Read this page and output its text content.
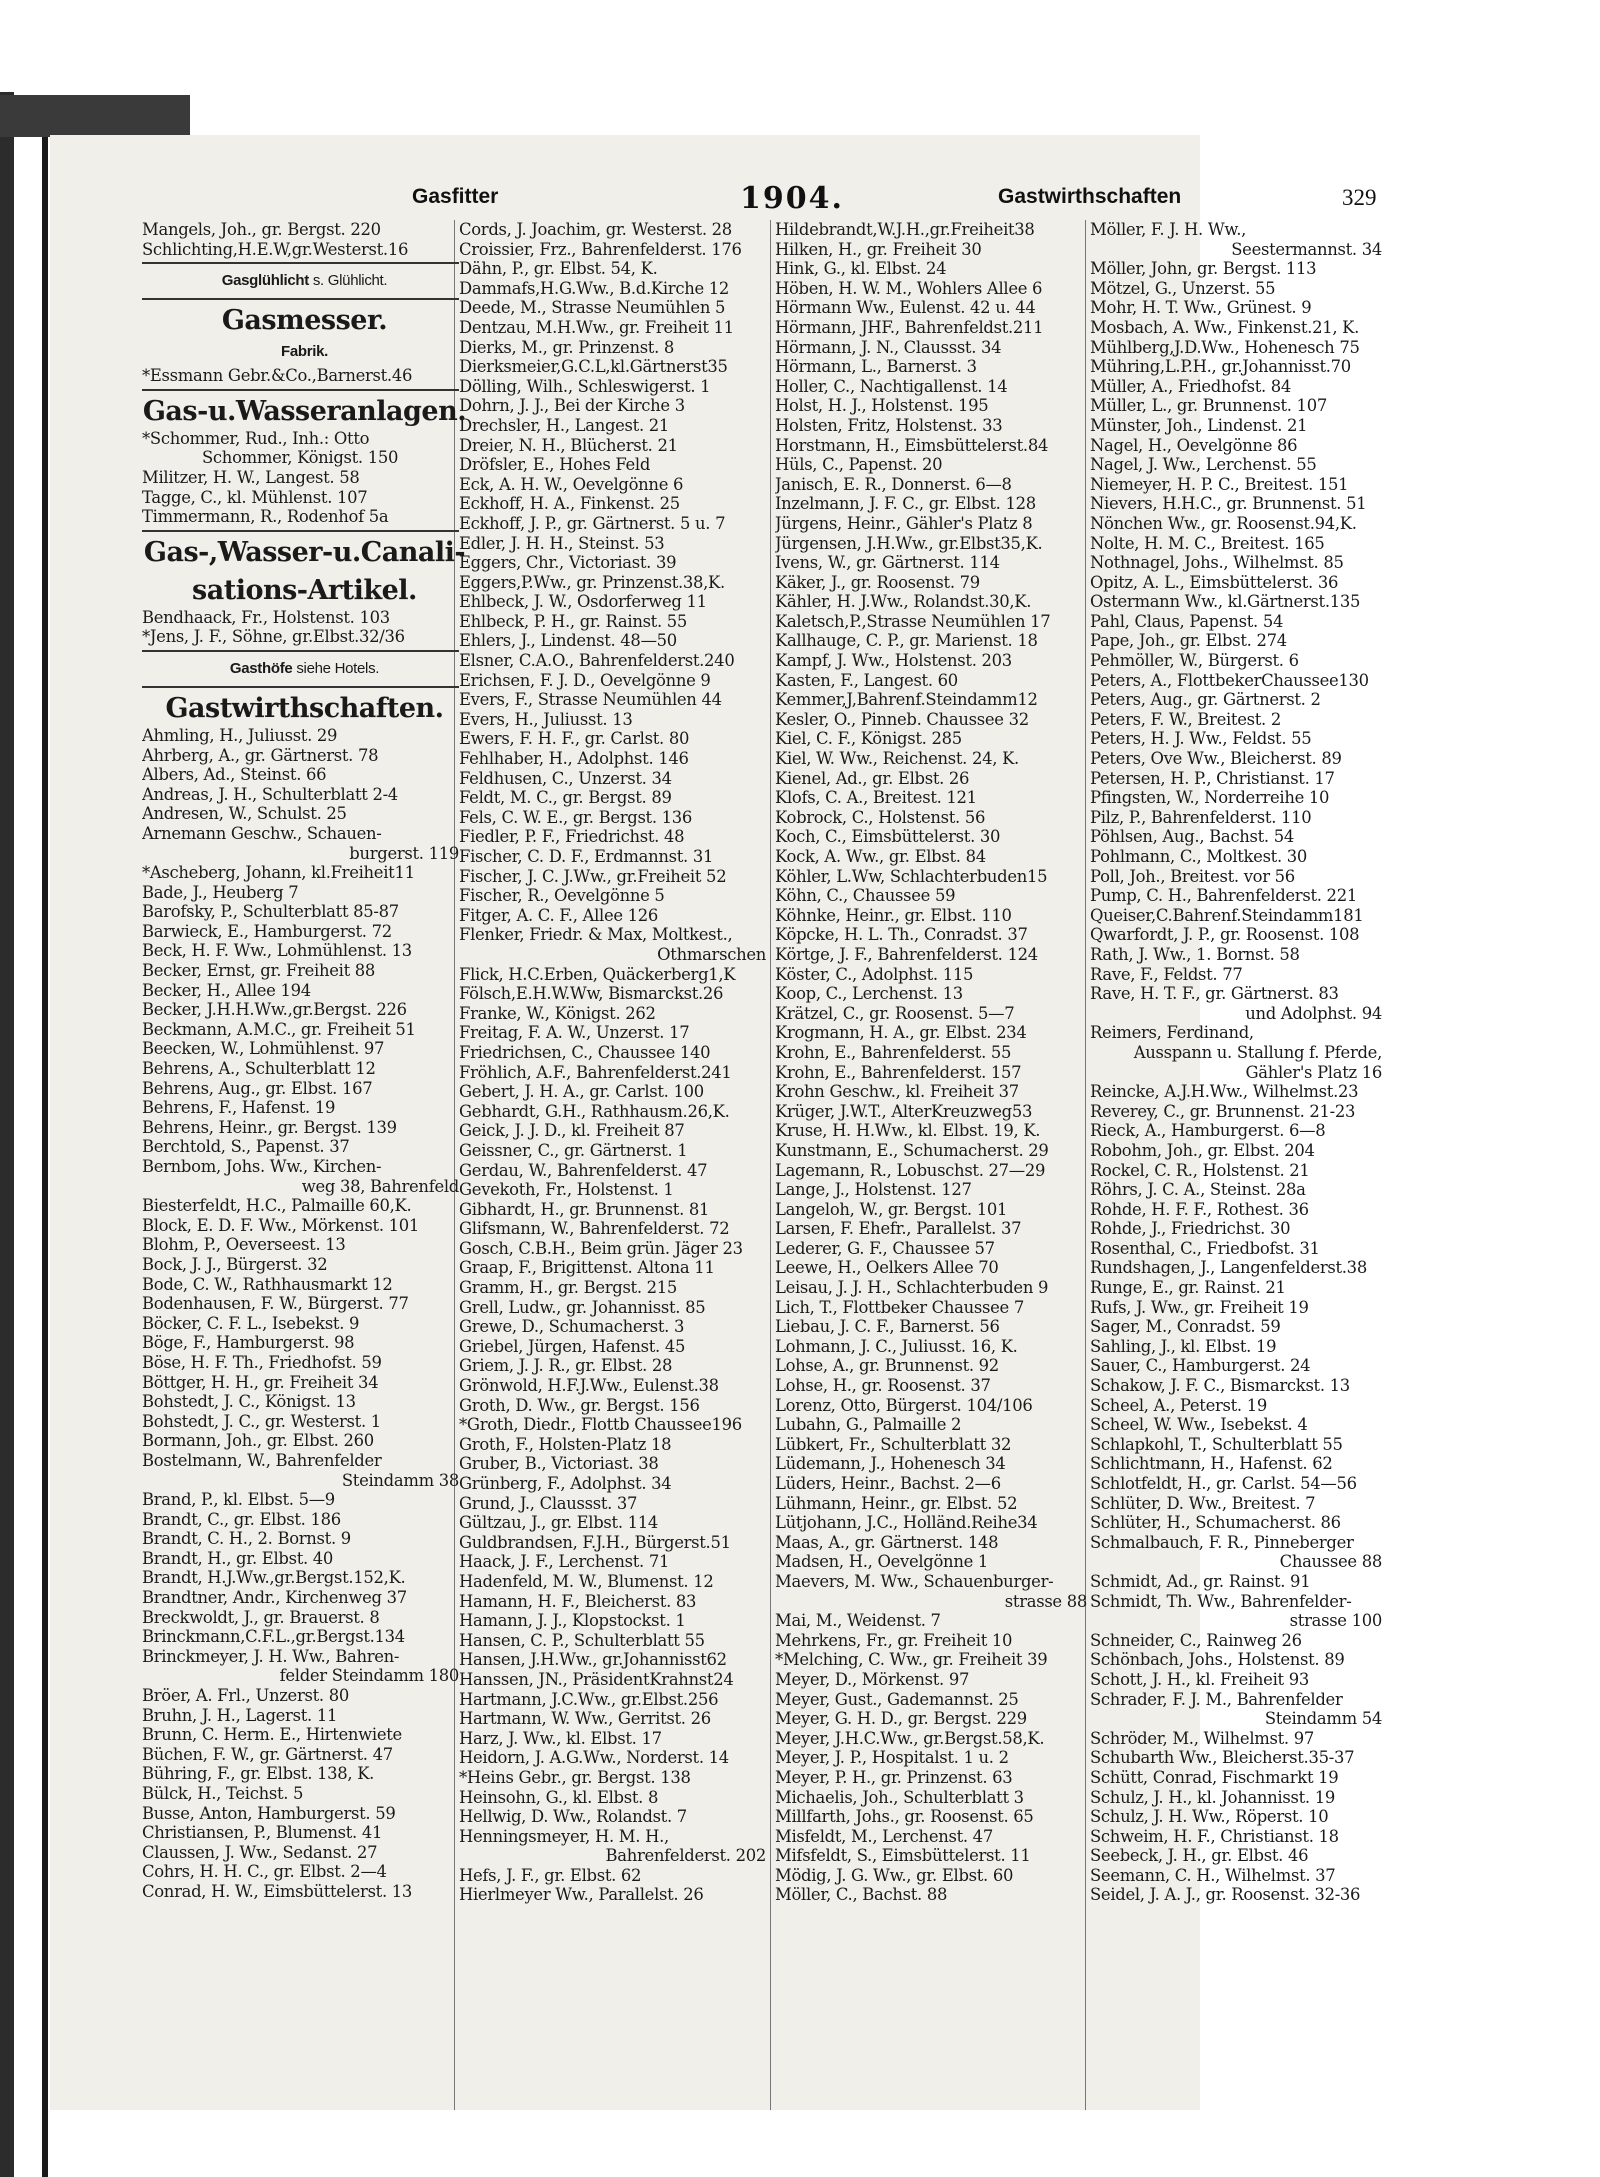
Gasfitter	1904.	Gastwirthschaften	329
Mangels, Joh., gr. Bergst. 220
Schlichting,H.E.W,gr.Westerst.16
Gasglühlicht s. Glühlicht.
Gasmesser.
Fabrik.
*Essmann Gebr.&Co.,Barnerst.46
Gas-u.Wasseranlagen.
*Schommer, Rud., Inh.: Otto
Schommer, Königst. 150
Militzer, H. W., Langest. 58
Tagge, C., kl. Mühlenst. 107
Timmermann, R., Rodenhof 5a
Gas-,Wasser-u.Canali-
sations-Artikel.
Bendhaack, Fr., Holstenst. 103
*Jens, J. F., Söhne, gr.Elbst.32/36
Gasthöfe siehe Hotels.
Gastwirthschaften.
Ahmling, H., Juliusst. 29
Ahrberg, A., gr. Gärtnerst. 78
Albers, Ad., Steinst. 66
Andreas, J. H., Schulterblatt 2-4
Andresen, W., Schulst. 25
Arnemann Geschw., Schauen-
burgerst. 119
*Ascheberg, Johann, kl.Freiheit11
Bade, J., Heuberg 7
Barofsky, P., Schulterblatt 85-87
Barwieck, E., Hamburgerst. 72
Beck, H. F. Ww., Lohmühlenst. 13
Becker, Ernst, gr. Freiheit 88
Becker, H., Allee 194
Becker, J.H.H.Ww.,gr.Bergst. 226
Beckmann, A.M.C., gr. Freiheit 51
Beecken, W., Lohmühlenst. 97
Behrens, A., Schulterblatt 12
Behrens, Aug., gr. Elbst. 167
Behrens, F., Hafenst. 19
Behrens, Heinr., gr. Bergst. 139
Berchtold, S., Papenst. 37
Bernbom, Johs. Ww., Kirchen-
weg 38, Bahrenfeld
Biesterfeldt, H.C., Palmaille 60,K.
Block, E. D. F. Ww., Mörkenst. 101
Blohm, P., Oeverseest. 13
Bock, J. J., Bürgerst. 32
Bode, C. W., Rathhausmarkt 12
Bodenhausen, F. W., Bürgerst. 77
Böcker, C. F. L., Isebekst. 9
Böge, F., Hamburgerst. 98
Böse, H. F. Th., Friedhofst. 59
Böttger, H. H., gr. Freiheit 34
Bohstedt, J. C., Königst. 13
Bohstedt, J. C., gr. Westerst. 1
Bormann, Joh., gr. Elbst. 260
Bostelmann, W., Bahrenfelder
Steindamm 38
Brand, P., kl. Elbst. 5—9
Brandt, C., gr. Elbst. 186
Brandt, C. H., 2. Bornst. 9
Brandt, H., gr. Elbst. 40
Brandt, H.J.Ww.,gr.Bergst.152,K.
Brandtner, Andr., Kirchenweg 37
Breckwoldt, J., gr. Brauerst. 8
Brinckmann,C.F.L.,gr.Bergst.134
Brinckmeyer, J. H. Ww., Bahren-
felder Steindamm 180
Bröer, A. Frl., Unzerst. 80
Bruhn, J. H., Lagerst. 11
Brunn, C. Herm. E., Hirtenwiete
Büchen, F. W., gr. Gärtnerst. 47
Bühring, F., gr. Elbst. 138, K.
Bülck, H., Teichst. 5
Busse, Anton, Hamburgerst. 59
Christiansen, P., Blumenst. 41
Claussen, J. Ww., Sedanst. 27
Cohrs, H. H. C., gr. Elbst. 2—4
Conrad, H. W., Eimsbüttelerst. 13
Cords, J. Joachim, gr. Westerst. 28
Croissier, Frz., Bahrenfelderst. 176
Dähn, P., gr. Elbst. 54, K.
Dammafs,H.G.Ww., B.d.Kirche 12
Deede, M., Strasse Neumühlen 5
Dentzau, M.H.Ww., gr. Freiheit 11
Dierks, M., gr. Prinzenst. 8
Dierksmeier,G.C.L,kl.Gärtnerst35
Dölling, Wilh., Schleswigerst. 1
Dohrn, J. J., Bei der Kirche 3
Drechsler, H., Langest. 21
Dreier, N. H., Blücherst. 21
Dröfsler, E., Hohes Feld
Eck, A. H. W., Oevelgönne 6
Eckhoff, H. A., Finkenst. 25
Eckhoff, J. P., gr. Gärtnerst. 5 u. 7
Edler, J. H. H., Steinst. 53
Eggers, Chr., Victoriast. 39
Eggers,P.Ww., gr. Prinzenst.38,K.
Ehlbeck, J. W., Osdorferweg 11
Ehlbeck, P. H., gr. Rainst. 55
Ehlers, J., Lindenst. 48—50
Elsner, C.A.O., Bahrenfelderst.240
Erichsen, F. J. D., Oevelgönne 9
Evers, F., Strasse Neumühlen 44
Evers, H., Juliusst. 13
Ewers, F. H. F., gr. Carlst. 80
Fehlhaber, H., Adolphst. 146
Feldhusen, C., Unzerst. 34
Feldt, M. C., gr. Bergst. 89
Fels, C. W. E., gr. Bergst. 136
Fiedler, P. F., Friedrichst. 48
Fischer, C. D. F., Erdmannst. 31
Fischer, J. C. J.Ww., gr.Freiheit 52
Fischer, R., Oevelgönne 5
Fitger, A. C. F., Allee 126
Flenker, Friedr. & Max, Moltkest.,
Othmarschen
Flick, H.C.Erben, Quäckerberg1,K
Fölsch,E.H.W.Ww, Bismarckst.26
Franke, W., Königst. 262
Freitag, F. A. W., Unzerst. 17
Friedrichsen, C., Chaussee 140
Fröhlich, A.F., Bahrenfelderst.241
Gebert, J. H. A., gr. Carlst. 100
Gebhardt, G.H., Rathhausm.26,K.
Geick, J. J. D., kl. Freiheit 87
Geissner, C., gr. Gärtnerst. 1
Gerdau, W., Bahrenfelderst. 47
Gevekoth, Fr., Holstenst. 1
Gibhardt, H., gr. Brunnenst. 81
Glifsmann, W., Bahrenfelderst. 72
Gosch, C.B.H., Beim grün. Jäger 23
Graap, F., Brigittenst. Altona 11
Gramm, H., gr. Bergst. 215
Grell, Ludw., gr. Johannisst. 85
Grewe, D., Schumacherst. 3
Griebel, Jürgen, Hafenst. 45
Griem, J. J. R., gr. Elbst. 28
Grönwold, H.F.J.Ww., Eulenst.38
Groth, D. Ww., gr. Bergst. 156
*Groth, Diedr., Flottb Chaussee196
Groth, F., Holsten-Platz 18
Gruber, B., Victoriast. 38
Grünberg, F., Adolphst. 34
Grund, J., Claussst. 37
Gültzau, J., gr. Elbst. 114
Guldbrandsen, F.J.H., Bürgerst.51
Haack, J. F., Lerchenst. 71
Hadenfeld, M. W., Blumenst. 12
Hamann, H. F., Bleicherst. 83
Hamann, J. J., Klopstockst. 1
Hansen, C. P., Schulterblatt 55
Hansen, J.H.Ww., gr.Johannisst62
Hanssen, JN., PräsidentKrahnst24
Hartmann, J.C.Ww., gr.Elbst.256
Hartmann, W. Ww., Gerritst. 26
Harz, J. Ww., kl. Elbst. 17
Heidorn, J. A.G.Ww., Norderst. 14
*Heins Gebr., gr. Bergst. 138
Heinsohn, G., kl. Elbst. 8
Hellwig, D. Ww., Rolandst. 7
Henningsmeyer, H. M. H.,
Bahrenfelderst. 202
Hefs, J. F., gr. Elbst. 62
Hierlmeyer Ww., Parallelst. 26
Hildebrandt,W.J.H.,gr.Freiheit38
Hilken, H., gr. Freiheit 30
Hink, G., kl. Elbst. 24
Höben, H. W. M., Wohlers Allee 6
Hörmann Ww., Eulenst. 42 u. 44
Hörmann, JHF., Bahrenfeldst.211
Hörmann, J. N., Claussst. 34
Hörmann, L., Barnerst. 3
Holler, C., Nachtigallenst. 14
Holst, H. J., Holstenst. 195
Holsten, Fritz, Holstenst. 33
Horstmann, H., Eimsbüttelerst.84
Hüls, C., Papenst. 20
Janisch, E. R., Donnerst. 6—8
Inzelmann, J. F. C., gr. Elbst. 128
Jürgens, Heinr., Gähler's Platz 8
Jürgensen, J.H.Ww., gr.Elbst35,K.
Ivens, W., gr. Gärtnerst. 114
Käker, J., gr. Roosenst. 79
Kähler, H. J.Ww., Rolandst.30,K.
Kaletsch,P.,Strasse Neumühlen 17
Kallhauge, C. P., gr. Marienst. 18
Kampf, J. Ww., Holstenst. 203
Kasten, F., Langest. 60
Kemmer,J,Bahrenf.Steindamm12
Kesler, O., Pinneb. Chaussee 32
Kiel, C. F., Königst. 285
Kiel, W. Ww., Reichenst. 24, K.
Kienel, Ad., gr. Elbst. 26
Klofs, C. A., Breitest. 121
Kobrock, C., Holstenst. 56
Koch, C., Eimsbüttelerst. 30
Kock, A. Ww., gr. Elbst. 84
Köhler, L.Ww, Schlachterbuden15
Köhn, C., Chaussee 59
Köhnke, Heinr., gr. Elbst. 110
Köpcke, H. L. Th., Conradst. 37
Körtge, J. F., Bahrenfelderst. 124
Köster, C., Adolphst. 115
Koop, C., Lerchenst. 13
Krätzel, C., gr. Roosenst. 5—7
Krogmann, H. A., gr. Elbst. 234
Krohn, E., Bahrenfelderst. 55
Krohn, E., Bahrenfelderst. 157
Krohn Geschw., kl. Freiheit 37
Krüger, J.W.T., AlterKreuzweg53
Kruse, H. H.Ww., kl. Elbst. 19, K.
Kunstmann, E., Schumacherst. 29
Lagemann, R., Lobuschst. 27—29
Lange, J., Holstenst. 127
Langeloh, W., gr. Bergst. 101
Larsen, F. Ehefr., Parallelst. 37
Lederer, G. F., Chaussee 57
Leewe, H., Oelkers Allee 70
Leisau, J. J. H., Schlachterbuden 9
Lich, T., Flottbeker Chaussee 7
Liebau, J. C. F., Barnerst. 56
Lohmann, J. C., Juliusst. 16, K.
Lohse, A., gr. Brunnenst. 92
Lohse, H., gr. Roosenst. 37
Lorenz, Otto, Bürgerst. 104/106
Lubahn, G., Palmaille 2
Lübkert, Fr., Schulterblatt 32
Lüdemann, J., Hohenesch 34
Lüders, Heinr., Bachst. 2—6
Lühmann, Heinr., gr. Elbst. 52
Lütjohann, J.C., Holländ.Reihe34
Maas, A., gr. Gärtnerst. 148
Madsen, H., Oevelgönne 1
Maevers, M. Ww., Schauenburger-
strasse 88
Mai, M., Weidenst. 7
Mehrkens, Fr., gr. Freiheit 10
*Melching, C. Ww., gr. Freiheit 39
Meyer, D., Mörkenst. 97
Meyer, Gust., Gademannst. 25
Meyer, G. H. D., gr. Bergst. 229
Meyer, J.H.C.Ww., gr.Bergst.58,K.
Meyer, J. P., Hospitalst. 1 u. 2
Meyer, P. H., gr. Prinzenst. 63
Michaelis, Joh., Schulterblatt 3
Millfarth, Johs., gr. Roosenst. 65
Misfeldt, M., Lerchenst. 47
Mifsfeldt, S., Eimsbüttelerst. 11
Mödig, J. G. Ww., gr. Elbst. 60
Möller, C., Bachst. 88
Möller, F. J. H. Ww.,
Seestermannst. 34
Möller, John, gr. Bergst. 113
Mötzel, G., Unzerst. 55
Mohr, H. T. Ww., Grünest. 9
Mosbach, A. Ww., Finkenst.21, K.
Mühlberg,J.D.Ww., Hohenesch 75
Mühring,L.P.H., gr.Johannisst.70
Müller, A., Friedhofst. 84
Müller, L., gr. Brunnenst. 107
Münster, Joh., Lindenst. 21
Nagel, H., Oevelgönne 86
Nagel, J. Ww., Lerchenst. 55
Niemeyer, H. P. C., Breitest. 151
Nievers, H.H.C., gr. Brunnenst. 51
Nönchen Ww., gr. Roosenst.94,K.
Nolte, H. M. C., Breitest. 165
Nothnagel, Johs., Wilhelmst. 85
Opitz, A. L., Eimsbüttelerst. 36
Ostermann Ww., kl.Gärtnerst.135
Pahl, Claus, Papenst. 54
Pape, Joh., gr. Elbst. 274
Pehmöller, W., Bürgerst. 6
Peters, A., FlottbekerChaussee130
Peters, Aug., gr. Gärtnerst. 2
Peters, F. W., Breitest. 2
Peters, H. J. Ww., Feldst. 55
Peters, Ove Ww., Bleicherst. 89
Petersen, H. P., Christianst. 17
Pfingsten, W., Norderreihe 10
Pilz, P., Bahrenfelderst. 110
Pöhlsen, Aug., Bachst. 54
Pohlmann, C., Moltkest. 30
Poll, Joh., Breitest. vor 56
Pump, C. H., Bahrenfelderst. 221
Queiser,C.Bahrenf.Steindamm181
Qwarfordt, J. P., gr. Roosenst. 108
Rath, J. Ww., 1. Bornst. 58
Rave, F., Feldst. 77
Rave, H. T. F., gr. Gärtnerst. 83
und Adolphst. 94
Reimers, Ferdinand,
Ausspann u. Stallung f. Pferde,
Gähler's Platz 16
Reincke, A.J.H.Ww., Wilhelmst.23
Reverey, C., gr. Brunnenst. 21-23
Rieck, A., Hamburgerst. 6—8
Robohm, Joh., gr. Elbst. 204
Rockel, C. R., Holstenst. 21
Röhrs, J. C. A., Steinst. 28a
Rohde, H. F. F., Rothest. 36
Rohde, J., Friedrichst. 30
Rosenthal, C., Friedbofst. 31
Rundshagen, J., Langenfelderst.38
Runge, E., gr. Rainst. 21
Rufs, J. Ww., gr. Freiheit 19
Sager, M., Conradst. 59
Sahling, J., kl. Elbst. 19
Sauer, C., Hamburgerst. 24
Schakow, J. F. C., Bismarckst. 13
Scheel, A., Peterst. 19
Scheel, W. Ww., Isebekst. 4
Schlapkohl, T., Schulterblatt 55
Schlichtmann, H., Hafenst. 62
Schlotfeldt, H., gr. Carlst. 54—56
Schlüter, D. Ww., Breitest. 7
Schlüter, H., Schumacherst. 86
Schmalbauch, F. R., Pinneberger
Chaussee 88
Schmidt, Ad., gr. Rainst. 91
Schmidt, Th. Ww., Bahrenfelder-
strasse 100
Schneider, C., Rainweg 26
Schönbach, Johs., Holstenst. 89
Schott, J. H., kl. Freiheit 93
Schrader, F. J. M., Bahrenfelder
Steindamm 54
Schröder, M., Wilhelmst. 97
Schubarth Ww., Bleicherst.35-37
Schütt, Conrad, Fischmarkt 19
Schulz, J. H., kl. Johannisst. 19
Schulz, J. H. Ww., Röperst. 10
Schweim, H. F., Christianst. 18
Seebeck, J. H., gr. Elbst. 46
Seemann, C. H., Wilhelmst. 37
Seidel, J. A. J., gr. Roosenst. 32-36
